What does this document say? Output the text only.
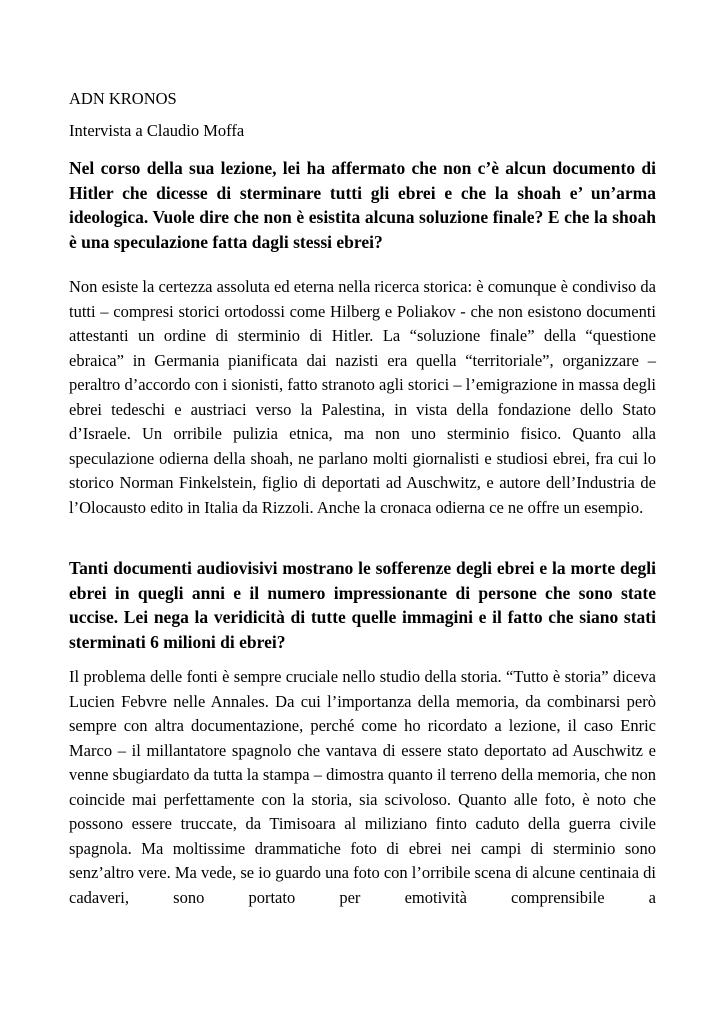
ADN KRONOS

Intervista a Claudio Moffa

Nel corso della sua lezione, lei ha affermato che non c’è alcun documento di Hitler che dicesse di sterminare tutti gli ebrei e che la shoah e’ un’arma ideologica. Vuole dire che non è esistita alcuna soluzione finale? E che la shoah è una speculazione fatta dagli stessi ebrei?

Non esiste la certezza assoluta ed eterna nella ricerca storica: è comunque è condiviso da tutti – compresi storici ortodossi come Hilberg e Poliakov - che non esistono documenti attestanti un ordine di sterminio di Hitler. La “soluzione finale” della “questione ebraica” in Germania pianificata dai nazisti era quella “territoriale”, organizzare – peraltro d’accordo con i sionisti, fatto stranoto agli storici – l’emigrazione in massa degli ebrei tedeschi e austriaci verso la Palestina, in vista della fondazione dello Stato d’Israele. Un orribile pulizia etnica, ma non uno sterminio fisico. Quanto alla speculazione odierna della shoah, ne parlano molti giornalisti e studiosi ebrei, fra cui lo storico Norman Finkelstein, figlio di deportati ad Auschwitz, e autore dell’Industria de l’Olocausto edito in Italia da Rizzoli. Anche la cronaca odierna ce ne offre un esempio.

Tanti documenti audiovisivi mostrano le sofferenze degli ebrei e la morte degli ebrei in quegli anni e il numero impressionante di persone che sono state uccise. Lei nega la veridicità di tutte quelle immagini e il fatto che siano stati sterminati 6 milioni di ebrei?

Il problema delle fonti è sempre cruciale nello studio della storia. “Tutto è storia” diceva Lucien Febvre nelle Annales. Da cui l’importanza della memoria, da combinarsi però sempre con altra documentazione, perché come ho ricordato a lezione, il caso Enric Marco – il millantatore spagnolo che vantava di essere stato deportato ad Auschwitz e venne sbugiardato da tutta la stampa – dimostra quanto il terreno della memoria, che non coincide mai perfettamente con la storia, sia scivoloso. Quanto alle foto, è noto che possono essere truccate, da Timisoara al miliziano finto caduto della guerra civile spagnola. Ma moltissime drammatiche foto di ebrei nei campi di sterminio sono senz’altro vere. Ma vede, se io guardo una foto con l’orribile scena di alcune centinaia di cadaveri, sono portato per emotività comprensibile a
